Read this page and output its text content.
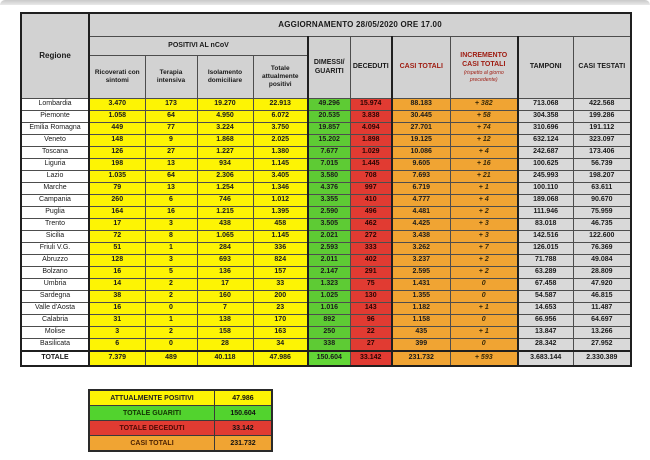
Regione	AGGIORNAMENTO 28/05/2020 ORE 17.00									
	POSITIVI AL nCoV				DIMESSI/ GUARITI	DECEDUTI	CASI TOTALI	INCREMENTO CASI TOTALI
(rispetto al giorno precedente)	TAMPONI	CASI TESTATI
	Ricoverati con sintomi	Terapia intensiva	Isolamento domiciliare	Totale attualmente positivi						
Lombardia	3.470	173	19.270	22.913	49.296	15.974	88.183	+ 382	713.068	422.568
Piemonte	1.058	64	4.950	6.072	20.535	3.838	30.445	+ 58	304.358	199.286
Emilia Romagna	449	77	3.224	3.750	19.857	4.094	27.701	+ 74	310.696	191.112
Veneto	148	9	1.868	2.025	15.202	1.898	19.125	+ 12	632.124	323.097
Toscana	126	27	1.227	1.380	7.677	1.029	10.086	+ 4	242.687	173.406
Liguria	198	13	934	1.145	7.015	1.445	9.605	+ 16	100.625	56.739
Lazio	1.035	64	2.306	3.405	3.580	708	7.693	+ 21	245.993	198.207
Marche	79	13	1.254	1.346	4.376	997	6.719	+ 1	100.110	63.611
Campania	260	6	746	1.012	3.355	410	4.777	+ 4	189.068	90.670
Puglia	164	16	1.215	1.395	2.590	496	4.481	+ 2	111.946	75.959
Trento	17	3	438	458	3.505	462	4.425	+ 3	83.018	46.735
Sicilia	72	8	1.065	1.145	2.021	272	3.438	+ 3	142.516	122.600
Friuli V.G.	51	1	284	336	2.593	333	3.262	+ 7	126.015	76.369
Abruzzo	128	3	693	824	2.011	402	3.237	+ 2	71.788	49.084
Bolzano	16	5	136	157	2.147	291	2.595	+ 2	63.289	28.809
Umbria	14	2	17	33	1.323	75	1.431	0	67.458	47.920
Sardegna	38	2	160	200	1.025	130	1.355	0	54.587	46.815
Valle d'Aosta	16	0	7	23	1.016	143	1.182	+ 1	14.653	11.487
Calabria	31	1	138	170	892	96	1.158	0	66.956	64.697
Molise	3	2	158	163	250	22	435	+ 1	13.847	13.266
Basilicata	6	0	28	34	338	27	399	0	28.342	27.952
TOTALE	7.379	489	40.118	47.986	150.604	33.142	231.732	+ 593	3.683.144	2.330.389
ATTUALMENTE POSITIVI	47.986
TOTALE GUARITI	150.604
TOTALE DECEDUTI	33.142
CASI TOTALI	231.732
